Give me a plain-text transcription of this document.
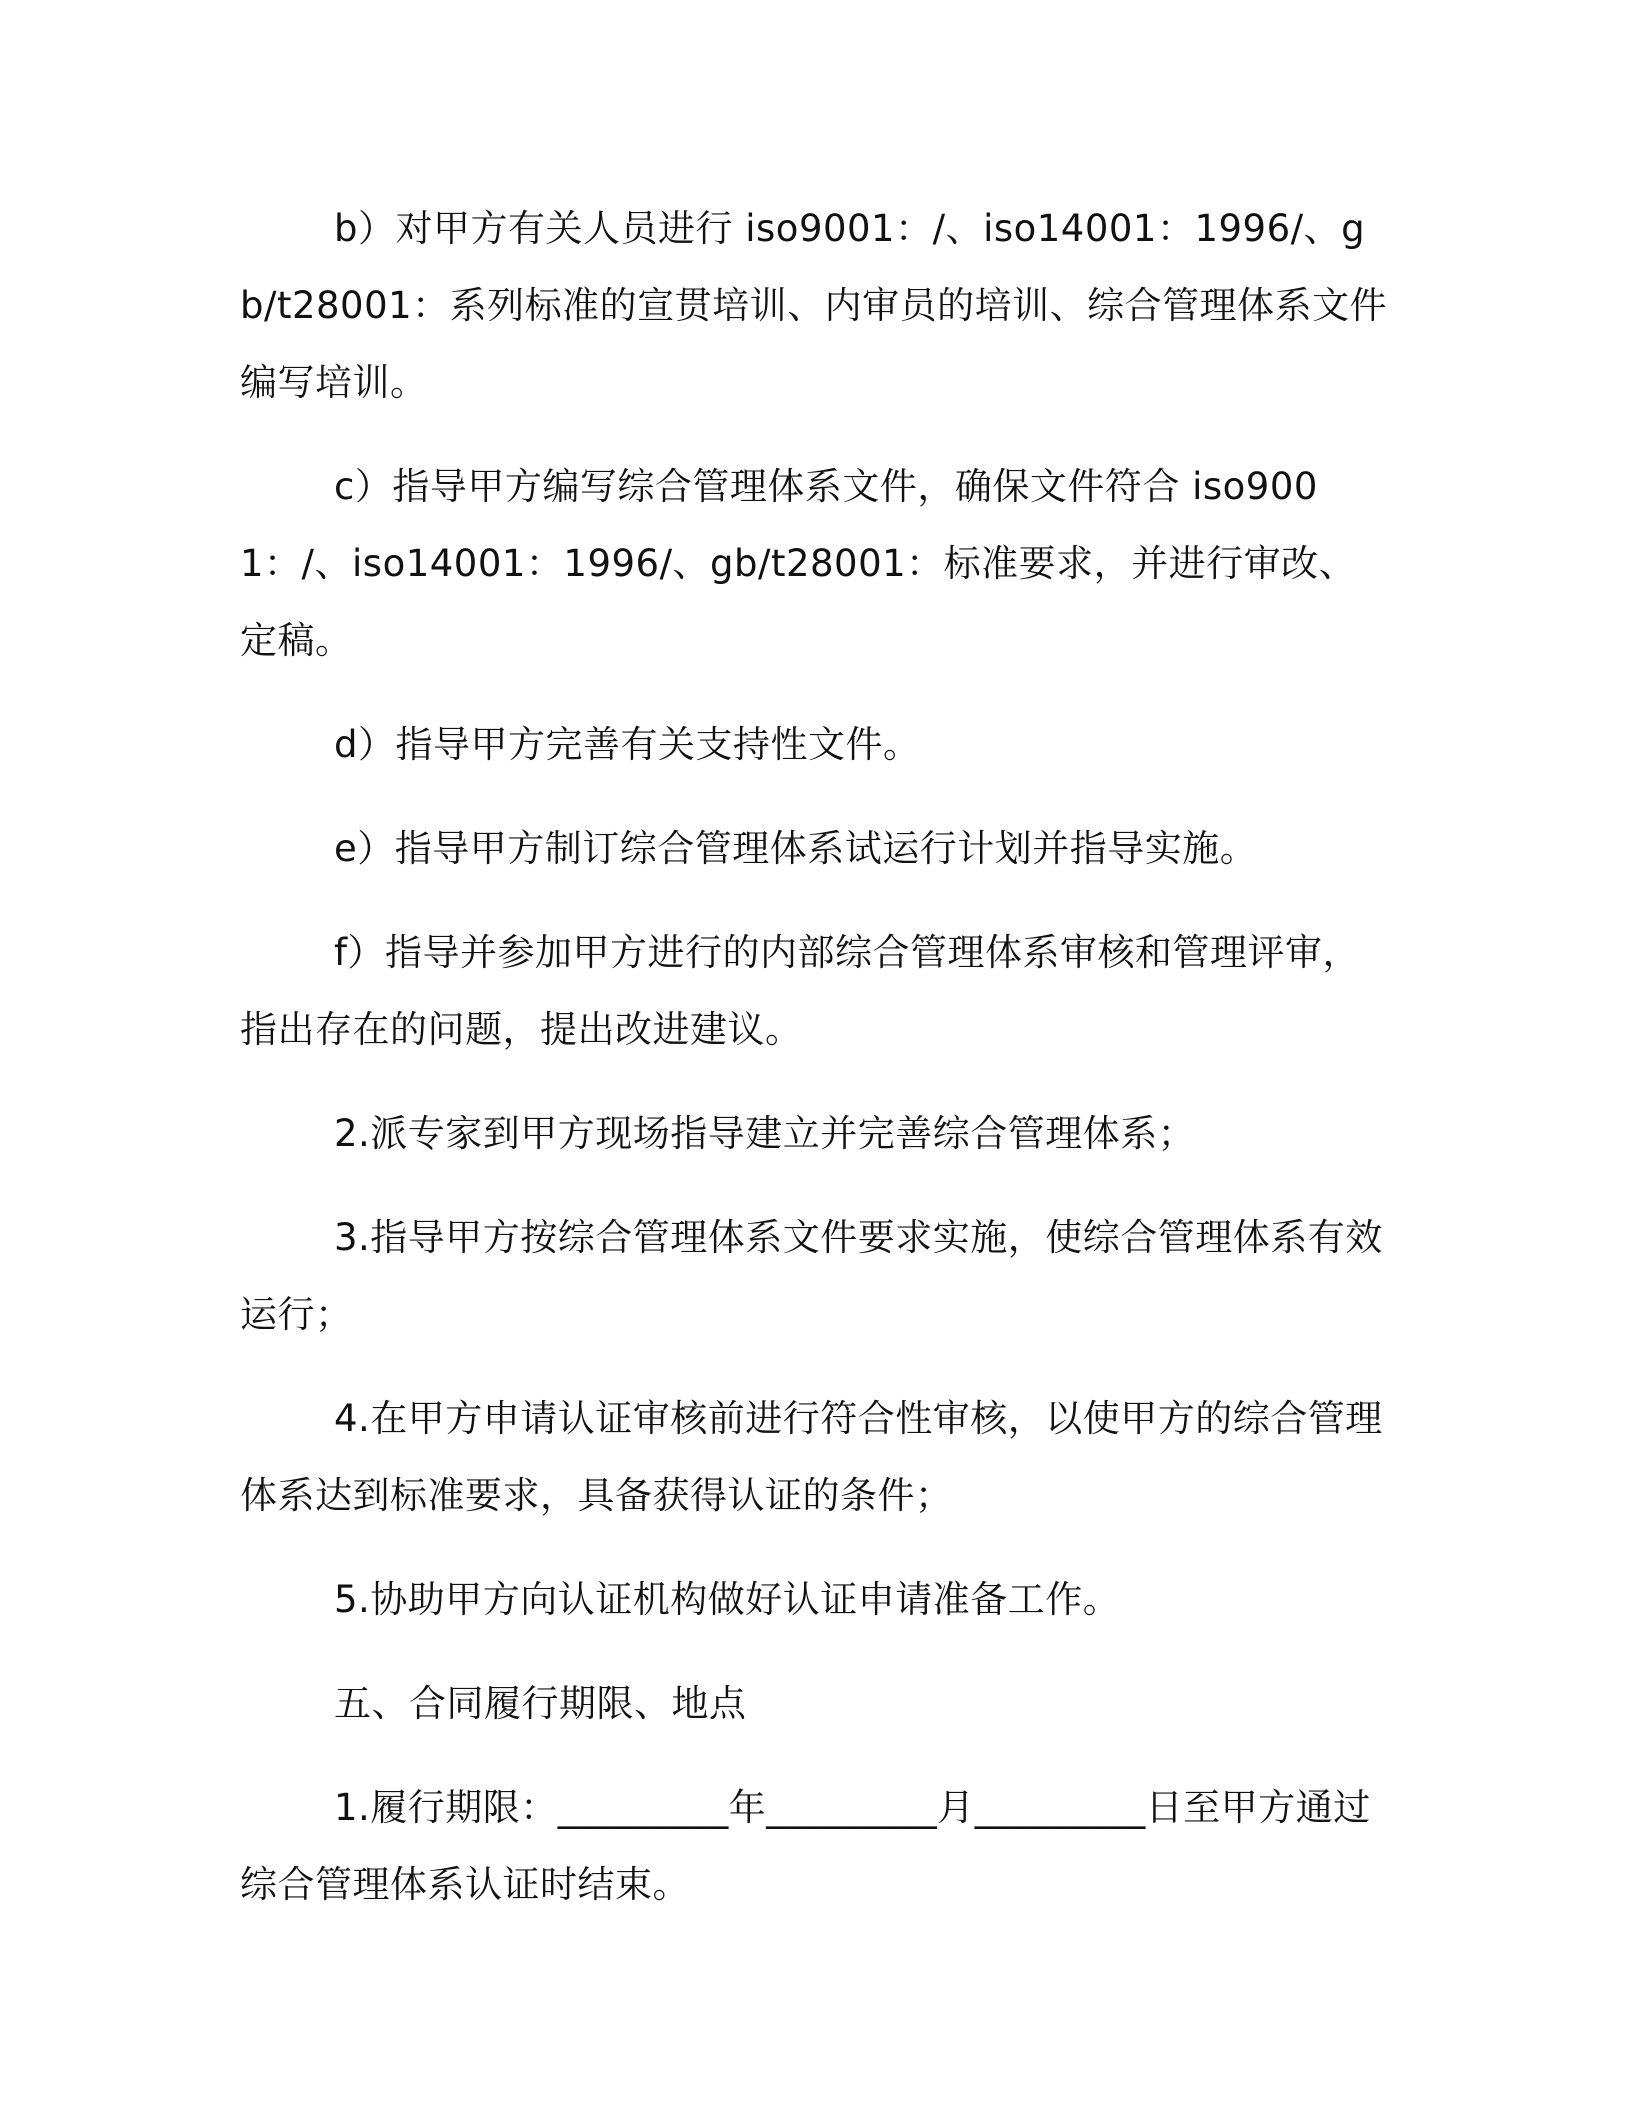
b）对甲方有关人员进行 iso9001：/、iso14001：1996/、gb/t28001：系列标准的宣贯培训、内审员的培训、综合管理体系文件编写培训。

c）指导甲方编写综合管理体系文件，确保文件符合 iso9001：/、iso14001：1996/、gb/t28001：标准要求，并进行审改、定稿。

d）指导甲方完善有关支持性文件。

e）指导甲方制订综合管理体系试运行计划并指导实施。

f）指导并参加甲方进行的内部综合管理体系审核和管理评审，指出存在的问题，提出改进建议。

2.派专家到甲方现场指导建立并完善综合管理体系；

3.指导甲方按综合管理体系文件要求实施，使综合管理体系有效运行；

4.在甲方申请认证审核前进行符合性审核，以使甲方的综合管理体系达到标准要求，具备获得认证的条件；

5.协助甲方向认证机构做好认证申请准备工作。

五、合同履行期限、地点

1.履行期限：_________年_________月_________日至甲方通过综合管理体系认证时结束。
